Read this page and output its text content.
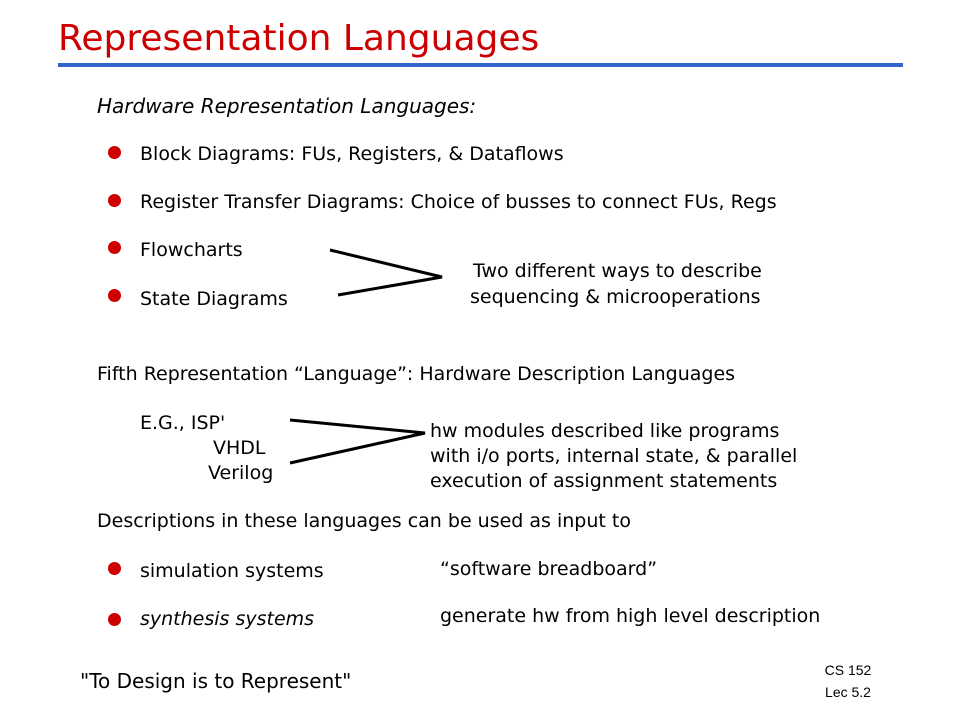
Representation Languages
Hardware Representation Languages:
Block Diagrams: FUs, Registers, & Dataflows
Register Transfer Diagrams: Choice of busses to connect FUs, Regs
Flowcharts
State Diagrams
Two different ways to describe
sequencing & microoperations
Fifth Representation “Language”: Hardware Description Languages
E.G., ISP'
VHDL
Verilog
hw modules described like programs
with i/o ports, internal state, & parallel
execution of assignment statements
Descriptions in these languages can be used as input to
simulation systems	“software breadboard”
synthesis systems	generate hw from high level description
"To Design is to Represent"	CS 152
Lec 5.2
